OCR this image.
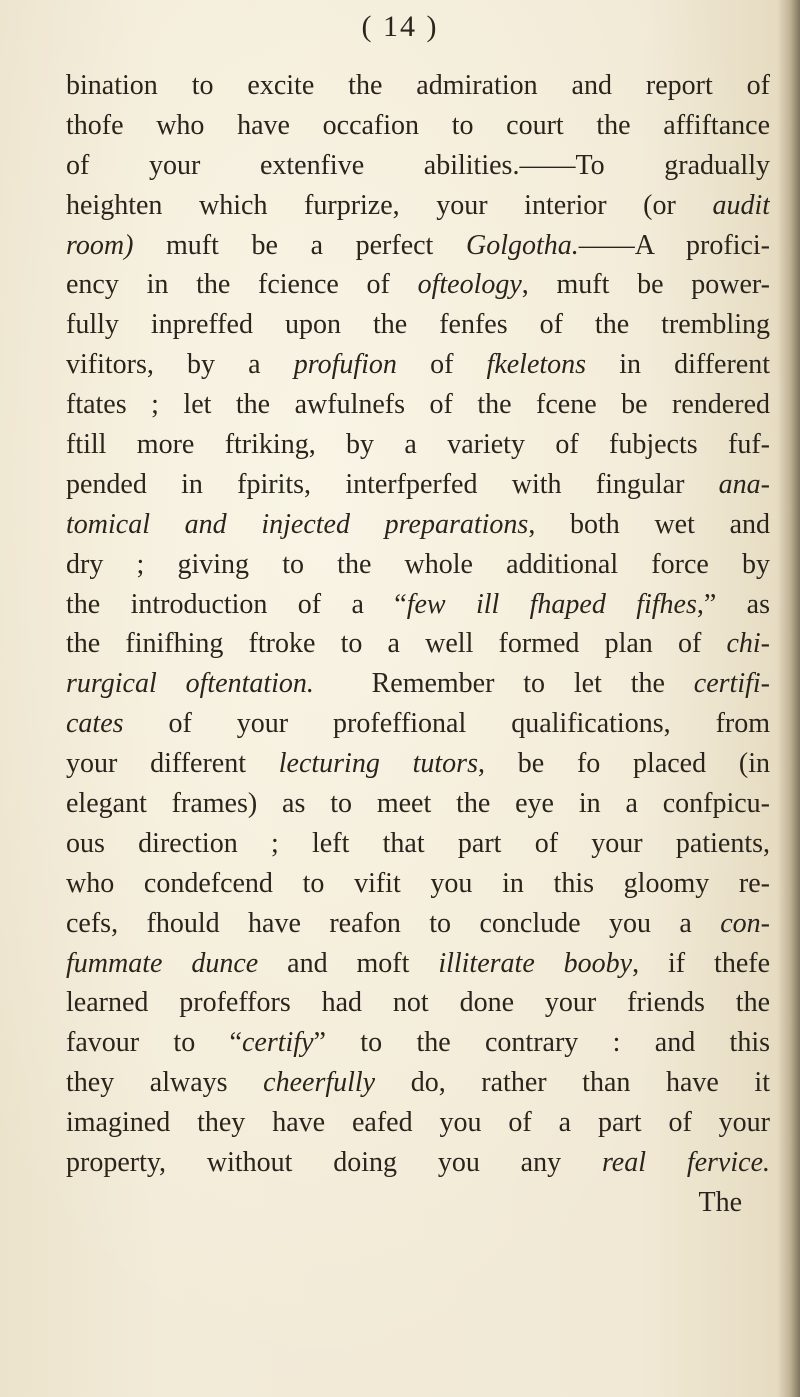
( 14 )
bination to excite the admiration and report of
thofe who have occafion to court the affiftance
of your extenfive abilities.——To gradually
heighten which furprize, your interior (or audit
room) muft be a perfect Golgotha.——A profici-
ency in the fcience of ofteology, muft be power-
fully inpreffed upon the fenfes of the trembling
vifitors, by a profufion of fkeletons in different
ftates ; let the awfulnefs of the fcene be rendered
ftill more ftriking, by a variety of fubjects fuf-
pended in fpirits, interfperfed with fingular ana-
tomical and injected preparations, both wet and
dry ; giving to the whole additional force by
the introduction of a “few ill fhaped fifhes,” as
the finifhing ftroke to a well formed plan of chi-
rurgical oftentation.  Remember to let the certifi-
cates of your profeffional qualifications, from
your different lecturing tutors, be fo placed (in
elegant frames) as to meet the eye in a confpicu-
ous direction ; left that part of your patients,
who condefcend to vifit you in this gloomy re-
cefs, fhould have reafon to conclude you a con-
fummate dunce and moft illiterate booby, if thefe
learned profeffors had not done your friends the
favour to “certify” to the contrary : and this
they always cheerfully do, rather than have it
imagined they have eafed you of a part of your
property, without doing you any real fervice.
The
